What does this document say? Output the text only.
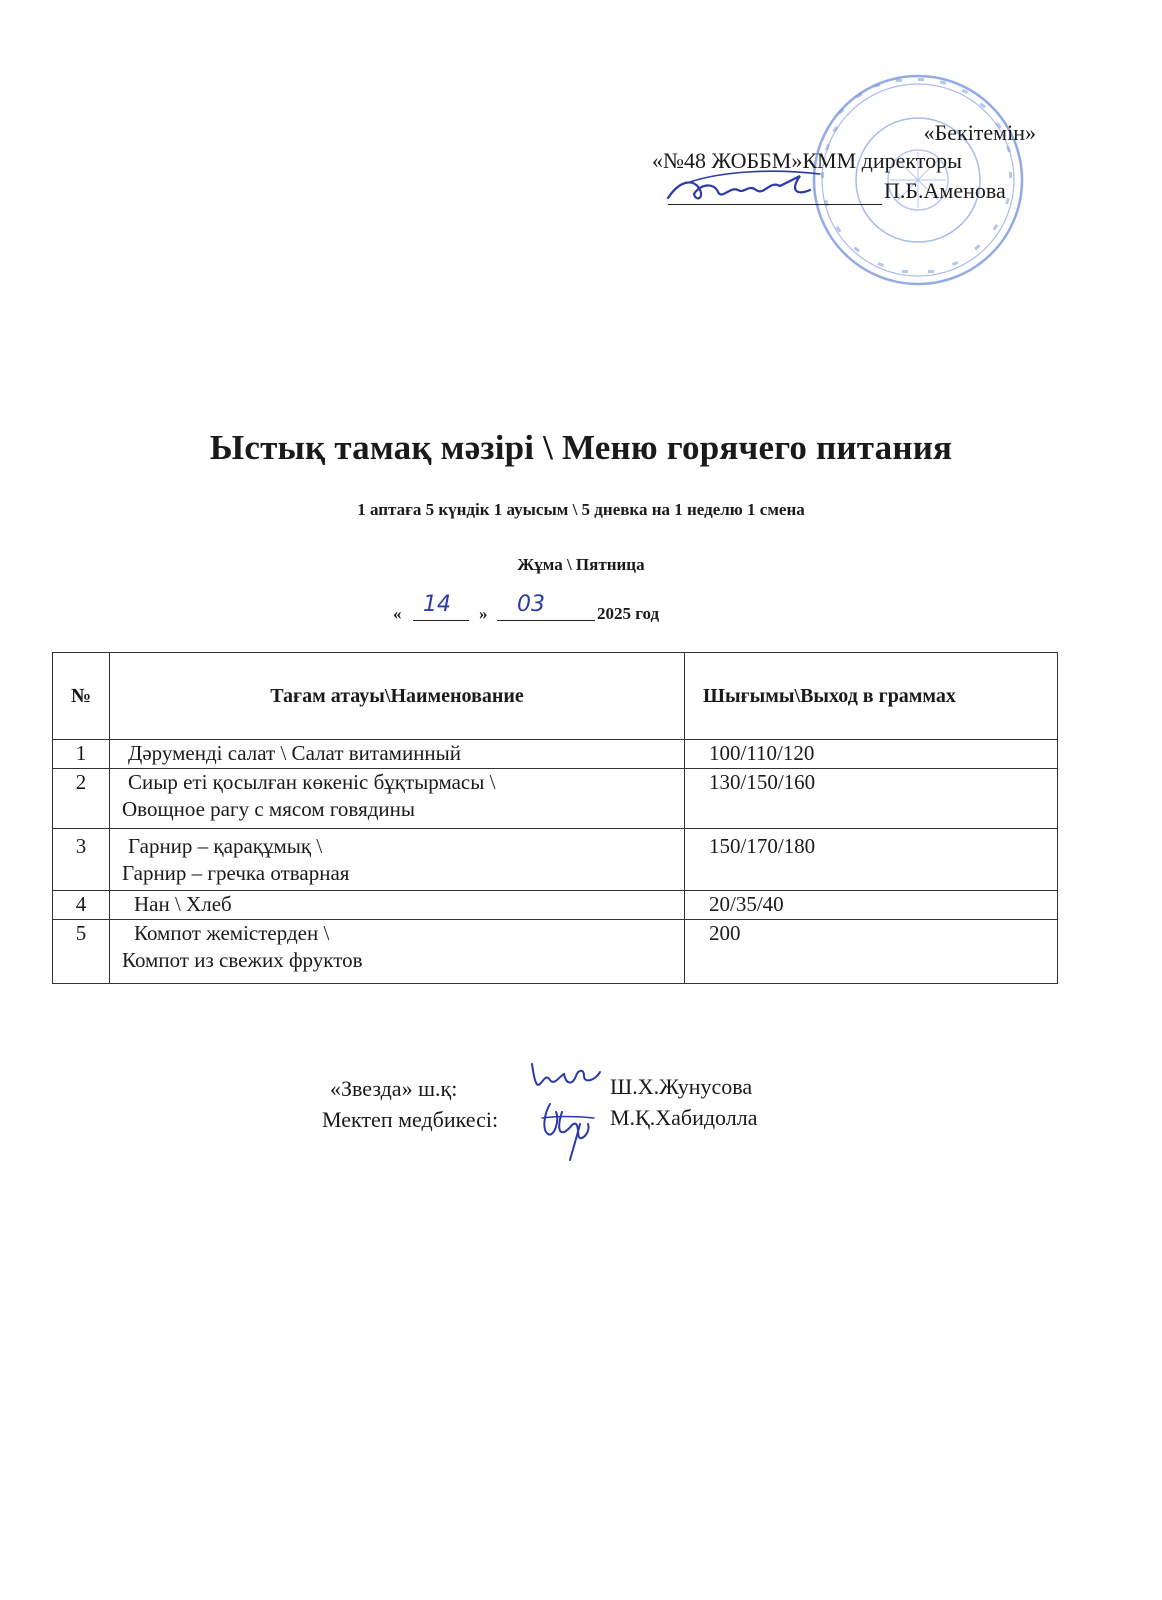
«Бекітемін»
«№48 ЖОББМ»КММ директоры
П.Б.Аменова
Ыстық тамақ мәзірі \ Меню горячего питания
1 аптаға 5 күндік 1 ауысым \ 5 дневка на 1 неделю 1 смена
Жұма \ Пятница
« 14 » 03	2025 год
№	Тағам атауы\Наименование	Шығымы\Выход в граммах
1	Дәруменді салат \ Салат витаминный	100/110/120
2	Сиыр еті қосылған көкеніс бұқтырмасы \
Овощное рагу с мясом говядины	130/150/160
3	Гарнир – қарақұмық \
Гарнир – гречка отварная	150/170/180
4	Нан \ Хлеб	20/35/40
5	Компот жемістерден \
Компот из свежих фруктов	200
«Звезда» ш.қ:
Мектеп медбикесі:
Ш.Х.Жунусова
М.Қ.Хабидолла
